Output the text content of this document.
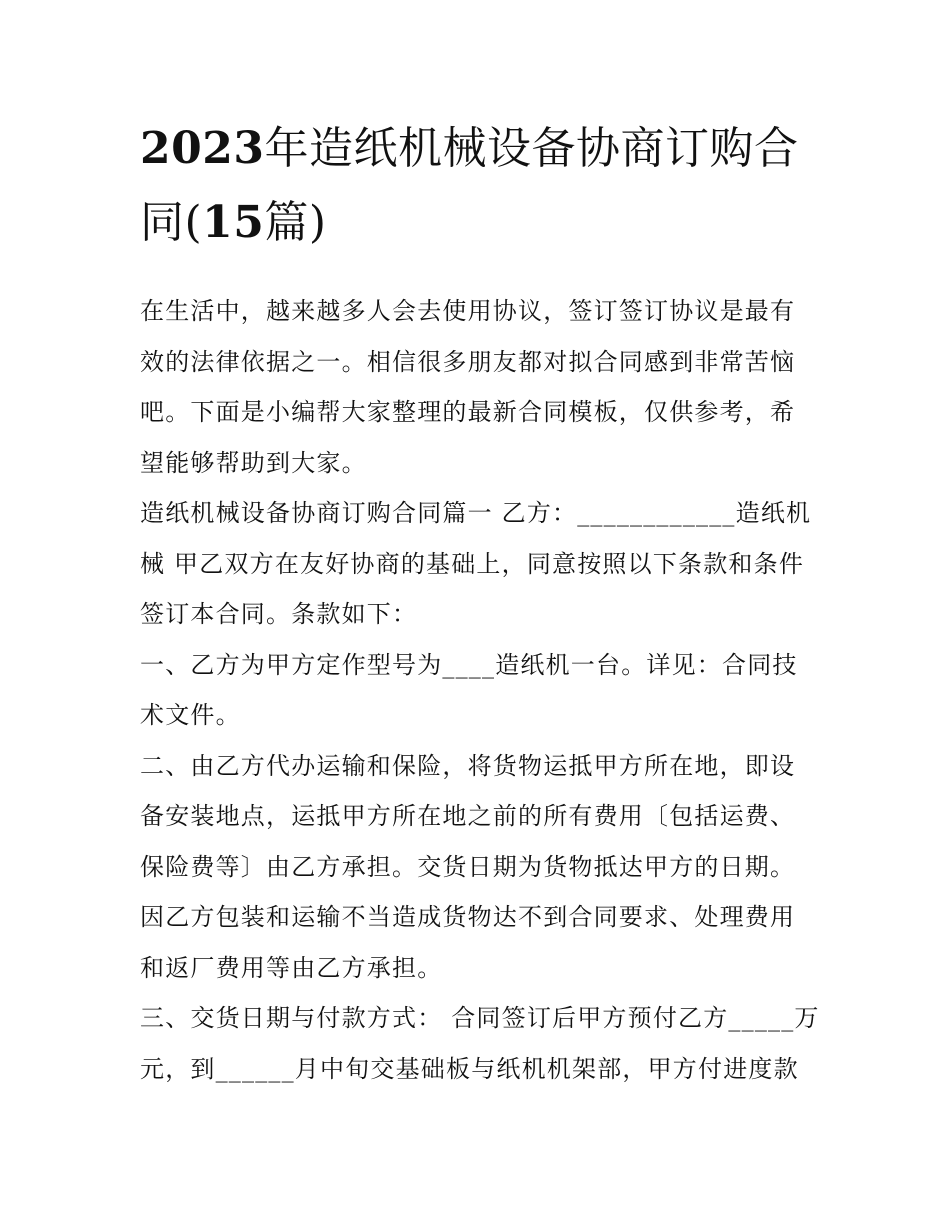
2023年造纸机械设备协商订购合同(15篇)

在生活中，越来越多人会去使用协议，签订签订协议是最有效的法律依据之一。相信很多朋友都对拟合同感到非常苦恼吧。下面是小编帮大家整理的最新合同模板，仅供参考，希望能够帮助到大家。

造纸机械设备协商订购合同篇一 乙方：____________造纸机械 甲乙双方在友好协商的基础上，同意按照以下条款和条件签订本合同。条款如下：

一、乙方为甲方定作型号为____造纸机一台。详见：合同技术文件。

二、由乙方代办运输和保险，将货物运抵甲方所在地，即设备安装地点，运抵甲方所在地之前的所有费用〔包括运费、保险费等〕由乙方承担。交货日期为货物抵达甲方的日期。因乙方包装和运输不当造成货物达不到合同要求、处理费用和返厂费用等由乙方承担。

三、交货日期与付款方式： 合同签订后甲方预付乙方_____万元，到______月中旬交基础板与纸机机架部，甲方付进度款
